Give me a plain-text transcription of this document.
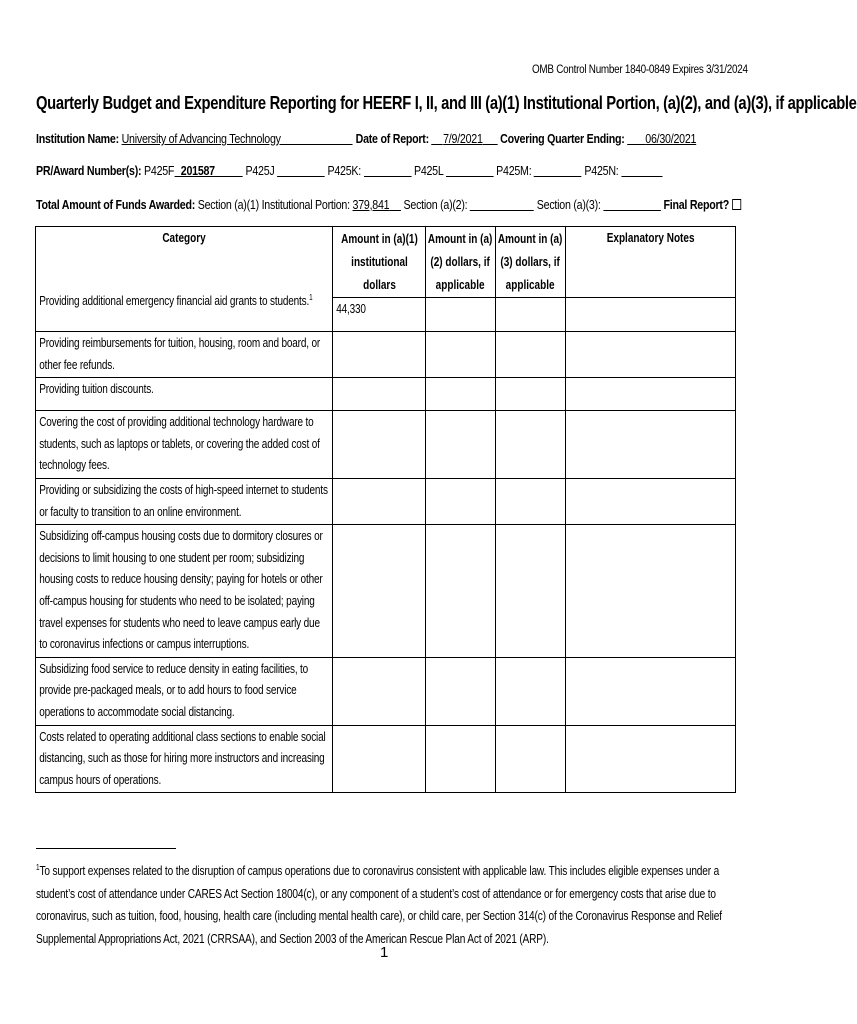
OMB Control Number 1840-0849 Expires 3/31/2024
Quarterly Budget and Expenditure Reporting for HEERF I, II, and III (a)(1) Institutional Portion, (a)(2), and (a)(3), if applicable
Institution Name: University of Advancing Technology	Date of Report: 7/9/2021 Covering Quarter Ending: 06/30/2021
PR/Award Number(s): P425F 201587 P425J	P425K:	P425L	P425M:	P425N:
Total Amount of Funds Awarded: Section (a)(1) Institutional Portion: 379,841 Section (a)(2):	Section (a)(3):	Final Report?
Category	Amount in (a)(1) institutional dollars	Amount in (a)(2) dollars, if applicable	Amount in (a)(3) dollars, if applicable	Explanatory Notes

Providing additional emergency financial aid grants to students.$^1$	44,330			

Providing reimbursements for tuition, housing, room and board, or other fee refunds.				

Providing tuition discounts.				

Covering the cost of providing additional technology hardware to students, such as laptops or tablets, or covering the added cost of technology fees.				

Providing or subsidizing the costs of high-speed internet to students or faculty to transition to an online environment.				

Subsidizing off-campus housing costs due to dormitory closures or decisions to limit housing to one student per room; subsidizing housing costs to reduce housing density; paying for hotels or other off-campus housing for students who need to be isolated; paying travel expenses for students who need to leave campus early due to coronavirus infections or campus interruptions.				

Subsidizing food service to reduce density in eating facilities, to provide pre-packaged meals, or to add hours to food service operations to accommodate social distancing.				

Costs related to operating additional class sections to enable social distancing, such as those for hiring more instructors and increasing campus hours of operations.				

$^1$To support expenses related to the disruption of campus operations due to coronavirus consistent with applicable law. This includes eligible expenses under a student’s cost of attendance under CARES Act Section 18004(c), or any component of a student’s cost of attendance or for emergency costs that arise due to coronavirus, such as tuition, food, housing, health care (including mental health care), or child care, per Section 314(c) of the Coronavirus Response and Relief Supplemental Appropriations Act, 2021 (CRRSAA), and Section 2003 of the American Rescue Plan Act of 2021 (ARP).
1
